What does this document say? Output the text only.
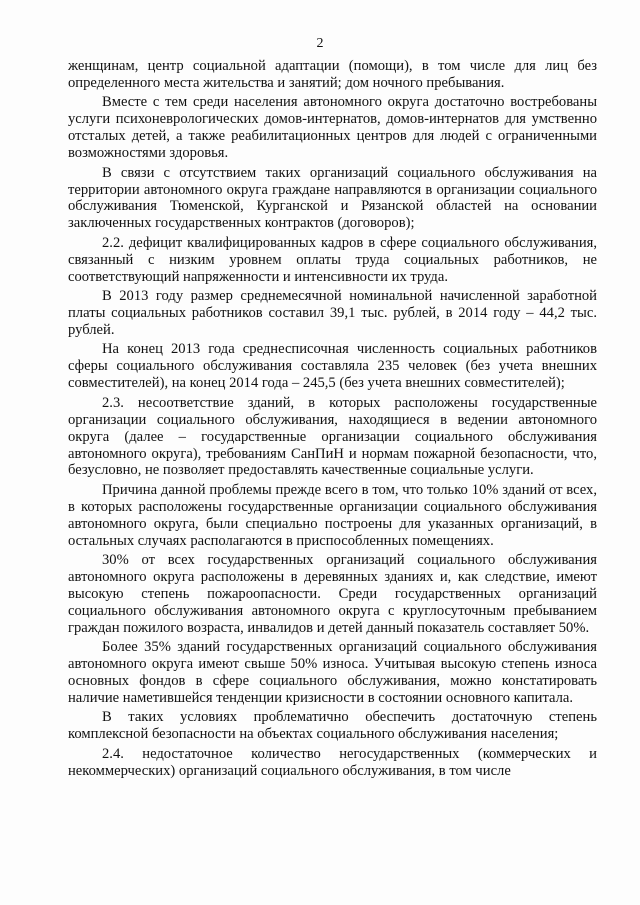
2

женщинам, центр социальной адаптации (помощи), в том числе для лиц без определенного места жительства и занятий; дом ночного пребывания.

Вместе с тем среди населения автономного округа достаточно востребованы услуги психоневрологических домов-интернатов, домов-интернатов для умственно отсталых детей, а также реабилитационных центров для людей с ограниченными возможностями здоровья.

В связи с отсутствием таких организаций социального обслуживания на территории автономного округа граждане направляются в организации социального обслуживания Тюменской, Курганской и Рязанской областей на основании заключенных государственных контрактов (договоров);

2.2. дефицит квалифицированных кадров в сфере социального обслуживания, связанный с низким уровнем оплаты труда социальных работников, не соответствующий напряженности и интенсивности их труда.

В 2013 году размер среднемесячной номинальной начисленной заработной платы социальных работников составил 39,1 тыс. рублей, в 2014 году – 44,2 тыс. рублей.

На конец 2013 года среднесписочная численность социальных работников сферы социального обслуживания составляла 235 человек (без учета внешних совместителей), на конец 2014 года – 245,5 (без учета внешних совместителей);

2.3. несоответствие зданий, в которых расположены государственные организации социального обслуживания, находящиеся в ведении автономного округа (далее – государственные организации социального обслуживания автономного округа), требованиям СанПиН и нормам пожарной безопасности, что, безусловно, не позволяет предоставлять качественные социальные услуги.

Причина данной проблемы прежде всего в том, что только 10% зданий от всех, в которых расположены государственные организации социального обслуживания автономного округа, были специально построены для указанных организаций, в остальных случаях располагаются в приспособленных помещениях.

30% от всех государственных организаций социального обслуживания автономного округа расположены в деревянных зданиях и, как следствие, имеют высокую степень пожароопасности. Среди государственных организаций социального обслуживания автономного округа с круглосуточным пребыванием граждан пожилого возраста, инвалидов и детей данный показатель составляет 50%.

Более 35% зданий государственных организаций социального обслуживания автономного округа имеют свыше 50% износа. Учитывая высокую степень износа основных фондов в сфере социального обслуживания, можно констатировать наличие наметившейся тенденции кризисности в состоянии основного капитала.

В таких условиях проблематично обеспечить достаточную степень комплексной безопасности на объектах социального обслуживания населения;

2.4. недостаточное количество негосударственных (коммерческих и некоммерческих) организаций социального обслуживания, в том числе
